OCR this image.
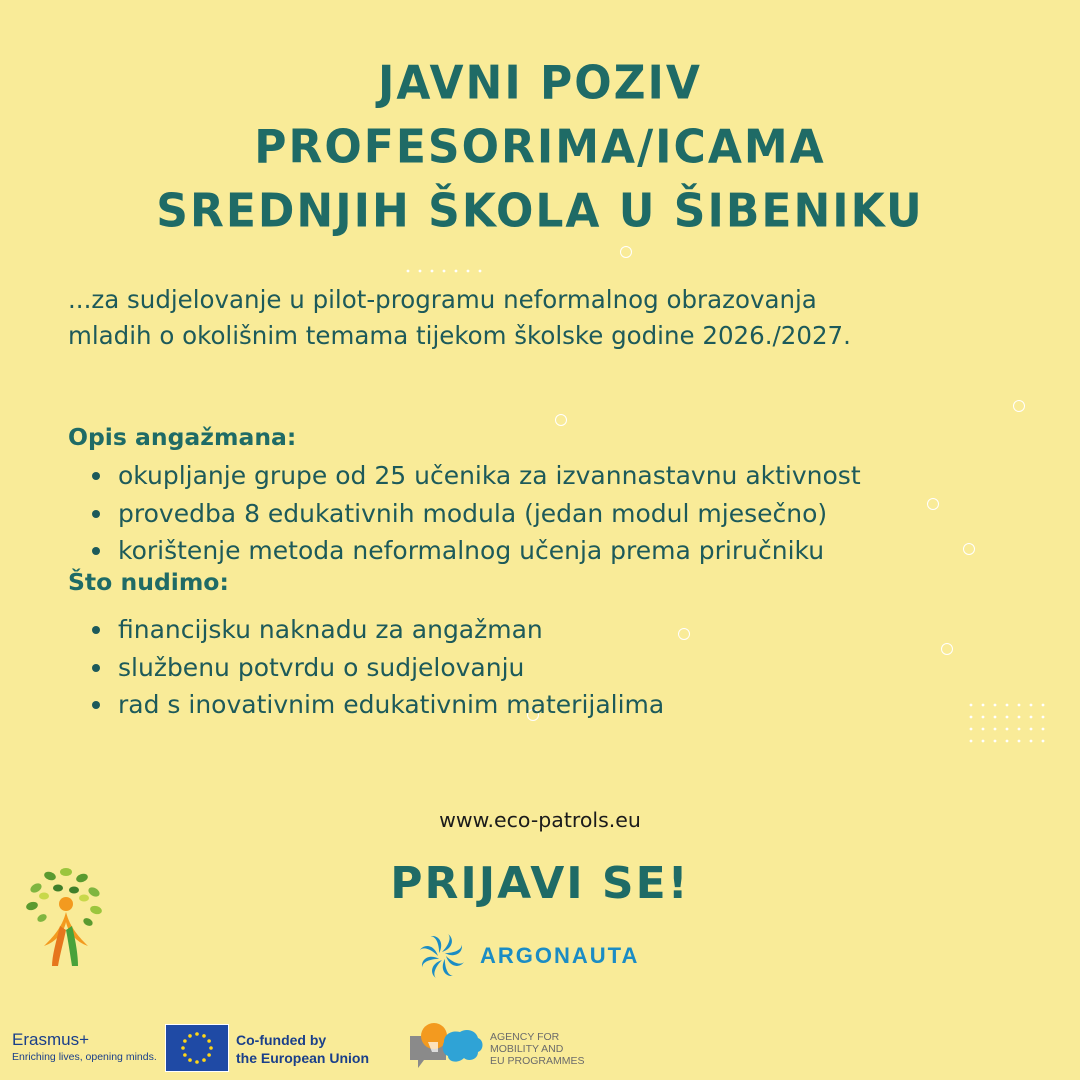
JAVNI POZIV
PROFESORIMA/ICAMA
SREDNJIH ŠKOLA U ŠIBENIKU
...za sudjelovanje u pilot-programu neformalnog obrazovanja
mladih o okolišnim temama tijekom školske godine 2026./2027.
Opis angažmana:
okupljanje grupe od 25 učenika za izvannastavnu aktivnost
provedba 8 edukativnih modula (jedan modul mjesečno)
korištenje metoda neformalnog učenja prema priručniku
Što nudimo:
financijsku naknadu za angažman
službenu potvrdu o sudjelovanju
rad s inovativnim edukativnim materijalima
www.eco-patrols.eu
PRIJAVI SE!
ARGONAUTA
Erasmus+
Enriching lives, opening minds.
Co-funded by
the European Union
AGENCY FOR
MOBILITY AND
EU PROGRAMMES
